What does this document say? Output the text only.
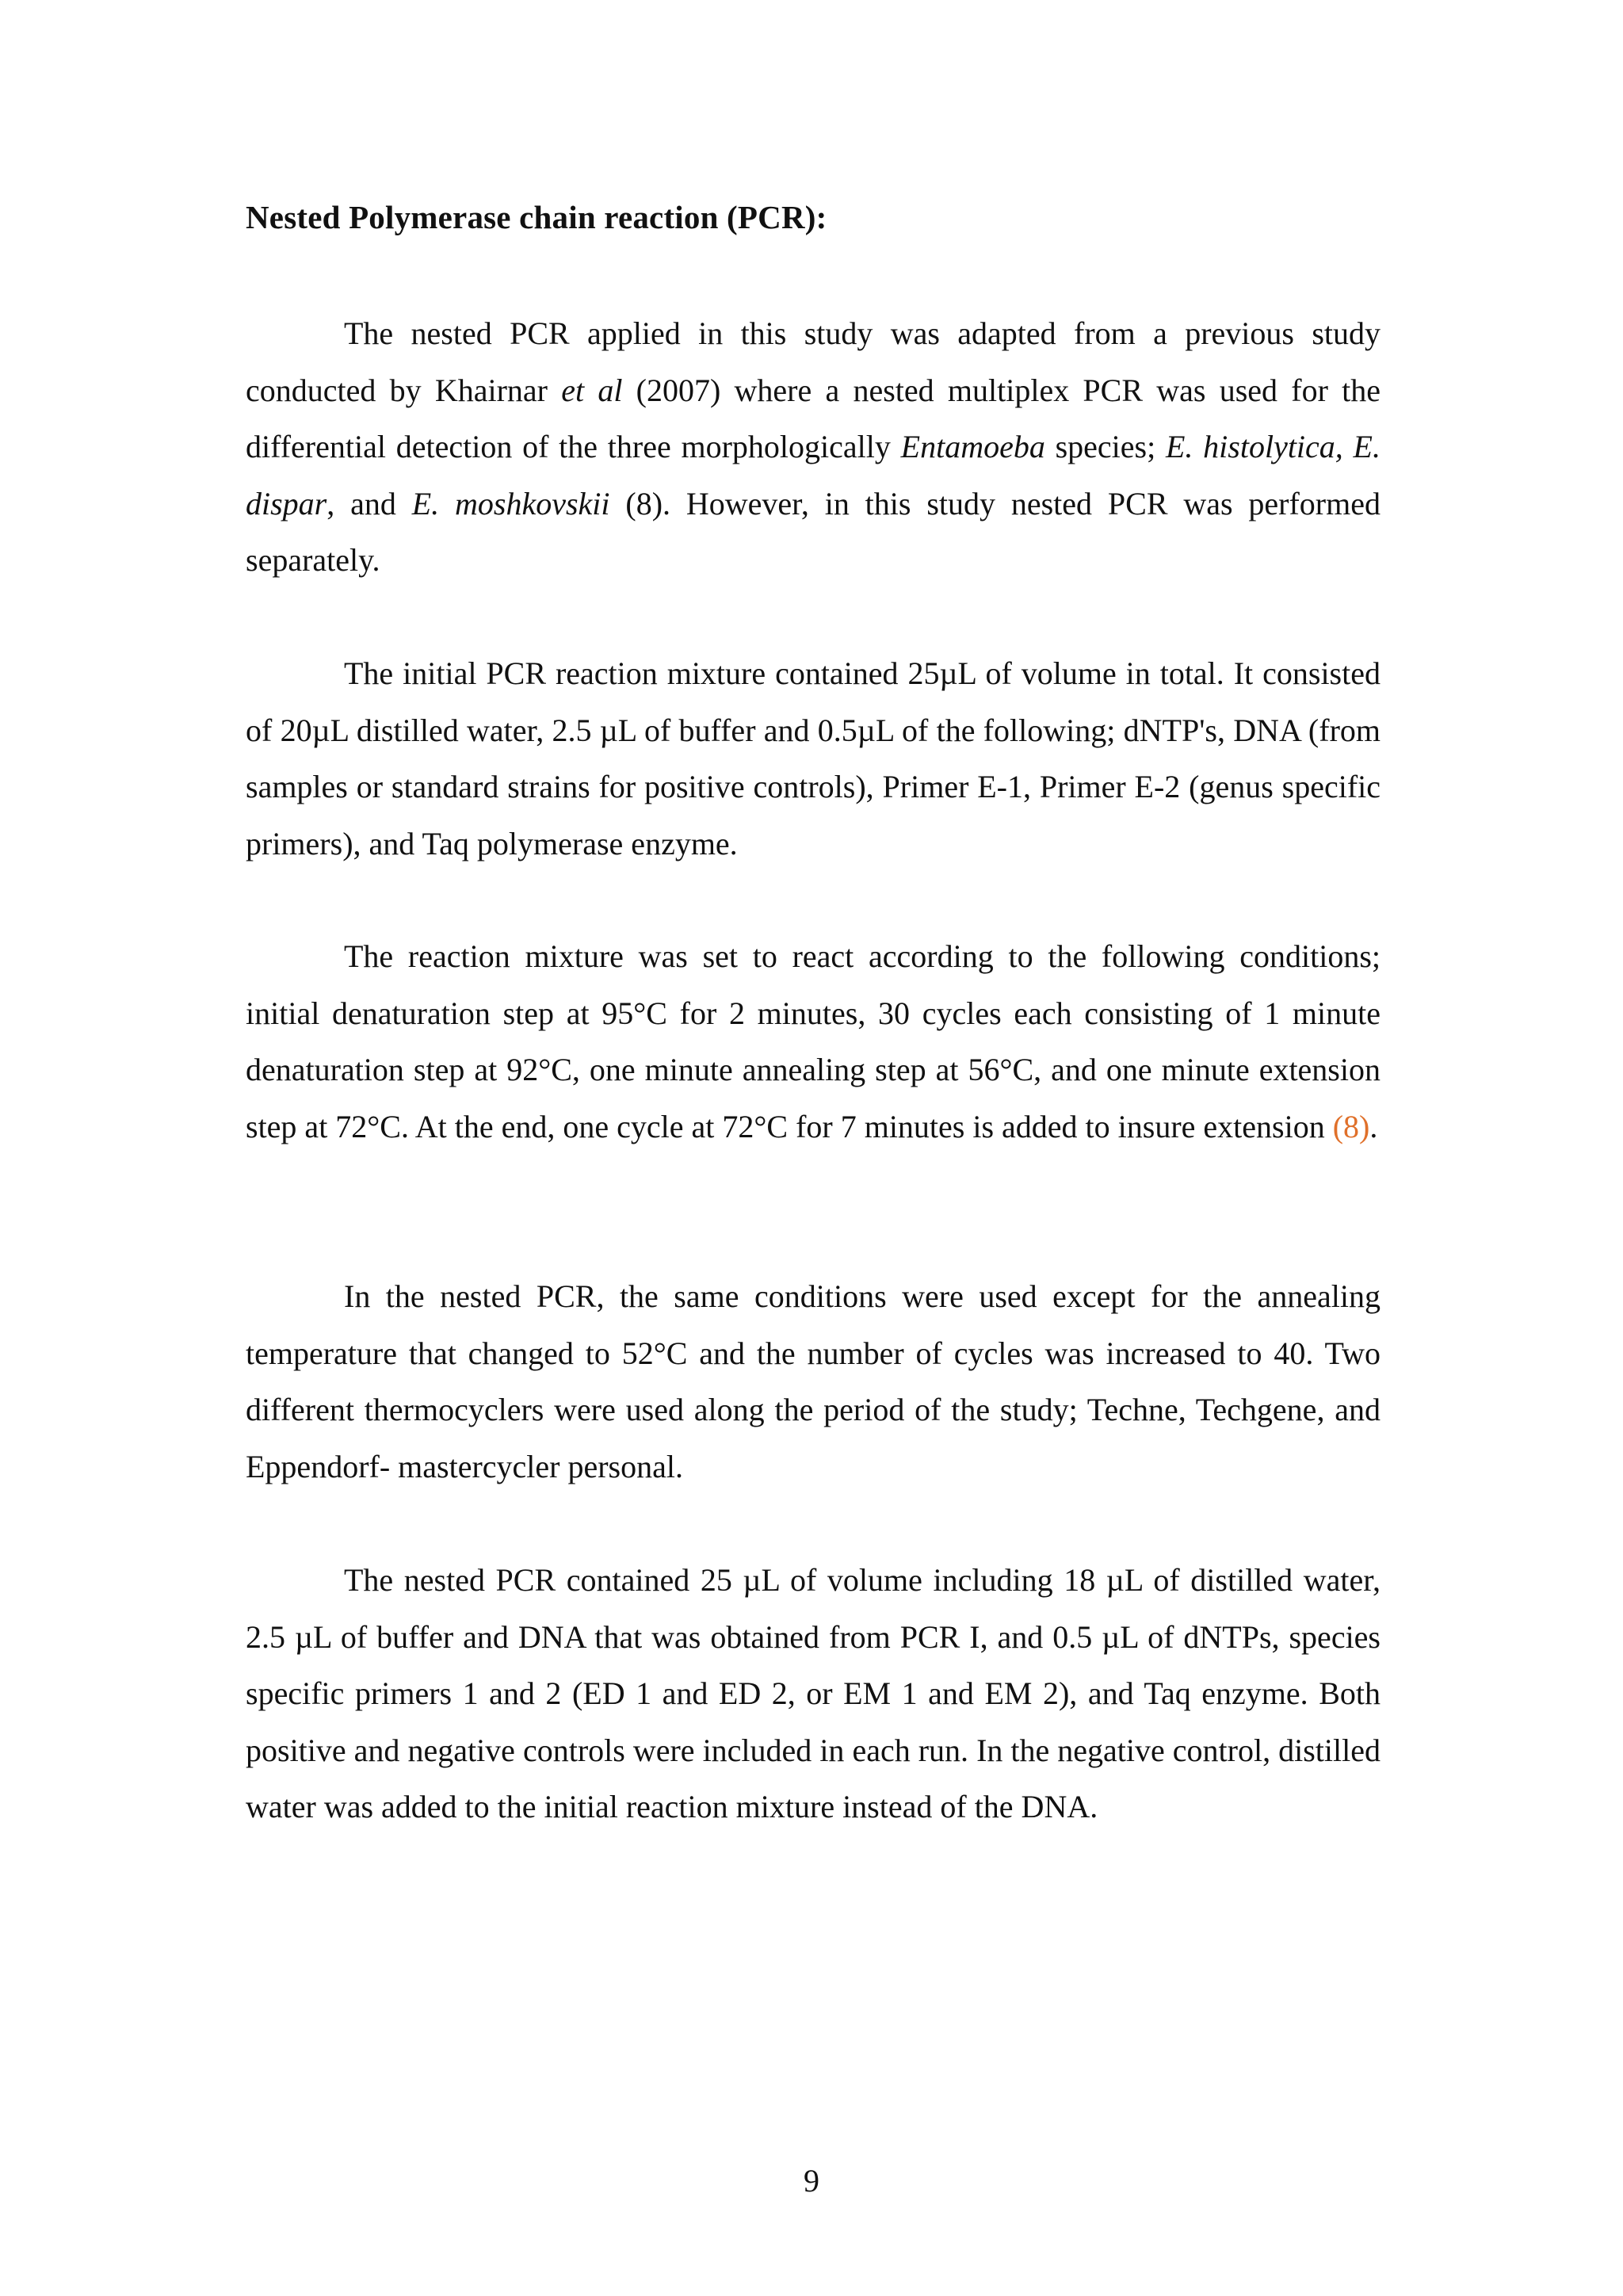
Nested Polymerase chain reaction (PCR):

The nested PCR applied in this study was adapted from a previous study conducted by Khairnar et al (2007) where a nested multiplex PCR was used for the differential detection of the three morphologically Entamoeba species; E. histolytica, E. dispar, and E. moshkovskii (8). However, in this study nested PCR was performed separately.

The initial PCR reaction mixture contained 25µL of volume in total. It consisted of 20µL distilled water, 2.5 µL of buffer and 0.5µL of the following; dNTP's, DNA (from samples or standard strains for positive controls), Primer E-1, Primer E-2 (genus specific primers), and Taq polymerase enzyme.

The reaction mixture was set to react according to the following conditions; initial denaturation step at 95°C for 2 minutes, 30 cycles each consisting of 1 minute denaturation step at 92°C, one minute annealing step at 56°C, and one minute extension step at 72°C. At the end, one cycle at 72°C for 7 minutes is added to insure extension (8).

In the nested PCR, the same conditions were used except for the annealing temperature that changed to 52°C and the number of cycles was increased to 40. Two different thermocyclers were used along the period of the study; Techne, Techgene, and Eppendorf- mastercycler personal.

The nested PCR contained 25 µL of volume including 18 µL of distilled water, 2.5 µL of buffer and DNA that was obtained from PCR I, and 0.5 µL of dNTPs, species specific primers 1 and 2 (ED 1 and ED 2, or EM 1 and EM 2), and Taq enzyme. Both positive and negative controls were included in each run. In the negative control, distilled water was added to the initial reaction mixture instead of the DNA.

9
